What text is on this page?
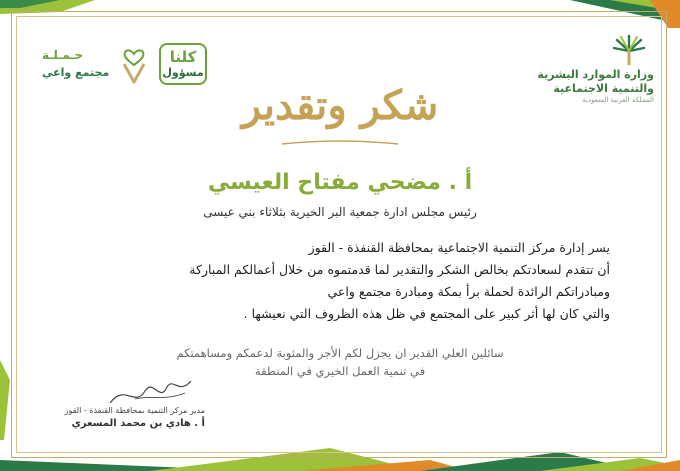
وزارة الموارد البشرية
والتنمية الاجتماعية
المملكة العربية السعودية
كلنا
مسؤول
حـمـلـة
مجتمع واعي
شكر وتقدير
أ . مضحي مفتاح العيسي
رئيس مجلس ادارة جمعية البر الخيرية بثلاثاء بني عيسى
يسر إدارة مركز التنمية الاجتماعية بمحافظة القنفذة - القوز
أن تتقدم لسعادتكم بخالص الشكر والتقدير لما قدمتموه من خلال أعمالكم المباركة
ومبادراتكم الرائدة لحملة برأ بمكة ومبادرة مجتمع واعي
والتي كان لها أثر كبير على المجتمع في ظل هذه الظروف التي نعيشها .
سائلين العلي القدير ان يجزل لكم الأجر والمثوبة لدعمكم ومساهمتكم
في تنمية العمل الخيري في المنطقة
مدير مركز التنمية بمحافظة القنفذة - القوز
أ . هادي بن محمد المسعري
